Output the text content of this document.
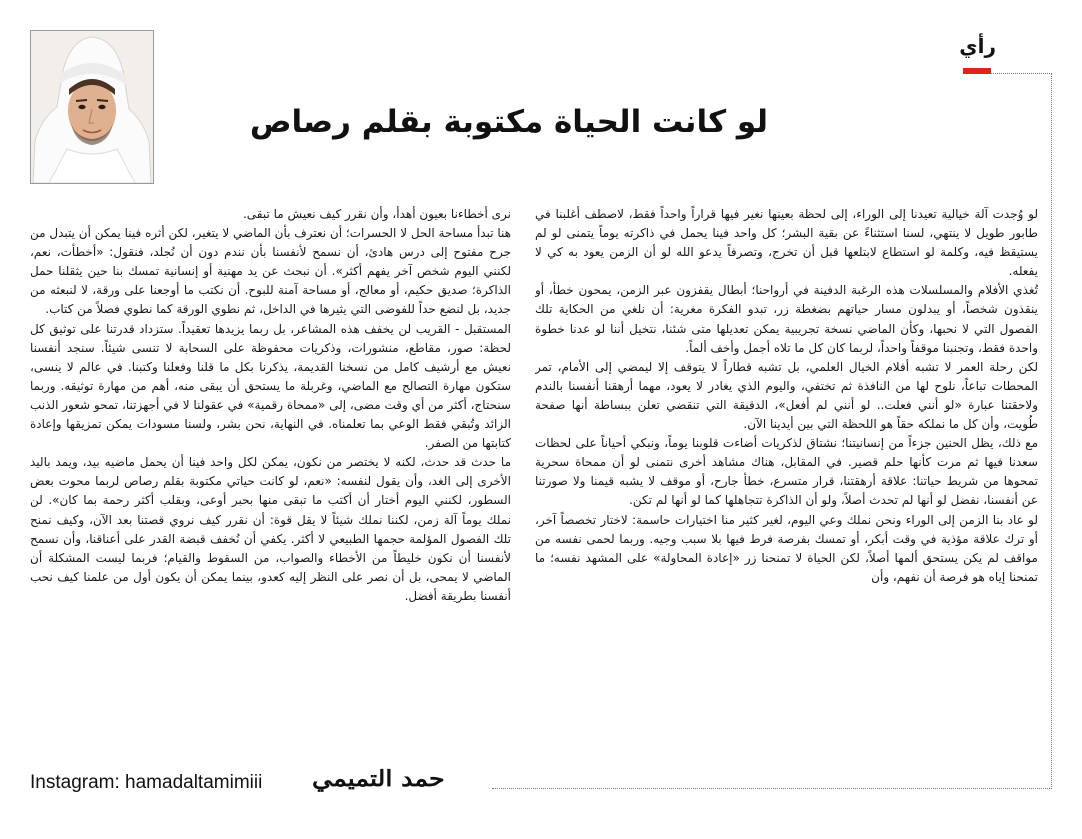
رأي
لو كانت الحياة مكتوبة بقلم رصاص

لو وُجدت آلة خيالية تعيدنا إلى الوراء، إلى لحظة بعينها نغير فيها قراراً واحداً فقط، لاصطف أغلبنا في طابور طويل لا ينتهي، لسنا استثناءً عن بقية البشر؛ كل واحد فينا يحمل في ذاكرته يوماً يتمنى لو لم يستيقظ فيه، وكلمة لو استطاع لابتلعها قبل أن تخرج، وتصرفاً يدعو الله لو أن الزمن يعود به كي لا يفعله.

تُغذي الأفلام والمسلسلات هذه الرغبة الدفينة في أرواحنا؛ أبطال يقفزون عبر الزمن، يمحون خطأ، أو ينقذون شخصاً، أو يبدلون مسار حياتهم بضغطة زر، تبدو الفكرة مغرية: أن نلغي من الحكاية تلك الفصول التي لا نحبها، وكأن الماضي نسخة تجريبية يمكن تعديلها متى شئنا، نتخيل أننا لو عدنا خطوة واحدة فقط، وتجنبنا موقفاً واحداً، لربما كان كل ما تلاه أجمل وأخف ألماً.

لكن رحلة العمر لا تشبه أفلام الخيال العلمي، بل تشبه قطاراً لا يتوقف إلا ليمضي إلى الأمام، تمر المحطات تباعاً، نلوح لها من النافذة ثم تختفي، واليوم الذي يغادر لا يعود، مهما أرهقنا أنفسنا بالندم ولاحقتنا عبارة «لو أنني فعلت.. لو أنني لم أفعل»، الدقيقة التي تنقضي تعلن ببساطة أنها صفحة طُويت، وأن كل ما نملكه حقاً هو اللحظة التي بين أيدينا الآن.

مع ذلك، يظل الحنين جزءاً من إنسانيتنا؛ نشتاق لذكريات أضاءت قلوبنا يوماً، ونبكي أحياناً على لحظات سعدنا فيها ثم مرت كأنها حلم قصير. في المقابل، هناك مشاهد أخرى نتمنى لو أن ممحاة سحرية تمحوها من شريط حياتنا: علاقة أرهقتنا، قرار متسرع، خطأ جارح، أو موقف لا يشبه قيمنا ولا صورتنا عن أنفسنا، نفضل لو أنها لم تحدث أصلاً، ولو أن الذاكرة تتجاهلها كما لو أنها لم تكن.

لو عاد بنا الزمن إلى الوراء ونحن نملك وعي اليوم، لغير كثير منا اختيارات حاسمة: لاختار تخصصاً آخر، أو ترك علاقة مؤذية في وقت أبكر، أو تمسك بفرصة فرط فيها بلا سبب وجيه. وربما لحمى نفسه من مواقف لم يكن يستحق ألمها أصلاً، لكن الحياة لا تمنحنا زر «إعادة المحاولة» على المشهد نفسه؛ ما تمنحنا إياه هو فرصة أن نفهم، وأن

نرى أخطاءنا بعيون أهدأ، وأن نقرر كيف نعيش ما تبقى.

هنا تبدأ مساحة الحل لا الحسرات؛ أن نعترف بأن الماضي لا يتغير، لكن أثره فينا يمكن أن يتبدل من جرح مفتوح إلى درس هادئ، أن نسمح لأنفسنا بأن نندم دون أن نُجلد، فنقول: «أخطأت، نعم، لكنني اليوم شخص آخر يفهم أكثر». أن نبحث عن يد مهنية أو إنسانية تمسك بنا حين يثقلنا حمل الذاكرة؛ صديق حكيم، أو معالج، أو مساحة آمنة للبوح. أن نكتب ما أوجعنا على ورقة، لا لنبعثه من جديد، بل لنضع حداً للفوضى التي يثيرها في الداخل، ثم نطوي الورقة كما نطوي فصلاً من كتاب.

المستقبل - القريب لن يخفف هذه المشاعر، بل ربما يزيدها تعقيداً. ستزداد قدرتنا على توثيق كل لحظة: صور، مقاطع، منشورات، وذكريات محفوظة على السحابة لا تنسى شيئاً. سنجد أنفسنا نعيش مع أرشيف كامل من نسخنا القديمة، يذكرنا بكل ما قلنا وفعلنا وكتبنا. في عالم لا ينسى، ستكون مهارة التصالح مع الماضي، وغربلة ما يستحق أن يبقى منه، أهم من مهارة توثيقه. وربما سنحتاج، أكثر من أي وقت مضى، إلى «ممحاة رقمية» في عقولنا لا في أجهزتنا، تمحو شعور الذنب الزائد وتُبقي فقط الوعي بما تعلمناه. في النهاية، نحن بشر، ولسنا مسودات يمكن تمزيقها وإعادة كتابتها من الصفر.

ما حدث قد حدث، لكنه لا يختصر من نكون، يمكن لكل واحد فينا أن يحمل ماضيه بيد، ويمد باليد الأخرى إلى الغد، وأن يقول لنفسه: «نعم، لو كانت حياتي مكتوبة بقلم رصاص لربما محوت بعض السطور، لكنني اليوم أختار أن أكتب ما تبقى منها بحبر أوعى، وبقلب أكثر رحمة بما كان». لن نملك يوماً آلة زمن، لكننا نملك شيئاً لا يقل قوة: أن نقرر كيف نروي قصتنا بعد الآن، وكيف نمنح تلك الفصول المؤلمة حجمها الطبيعي لا أكثر. يكفي أن نُخفف قبضة القدر على أعناقنا، وأن نسمح لأنفسنا أن نكون خليطاً من الأخطاء والصواب، من السقوط والقيام؛ فربما ليست المشكلة أن الماضي لا يمحى، بل أن نصر على النظر إليه كعدو، بينما يمكن أن يكون أول من علمنا كيف نحب أنفسنا بطريقة أفضل.

Instagram: hamadaltamimiii حمد التميمي
